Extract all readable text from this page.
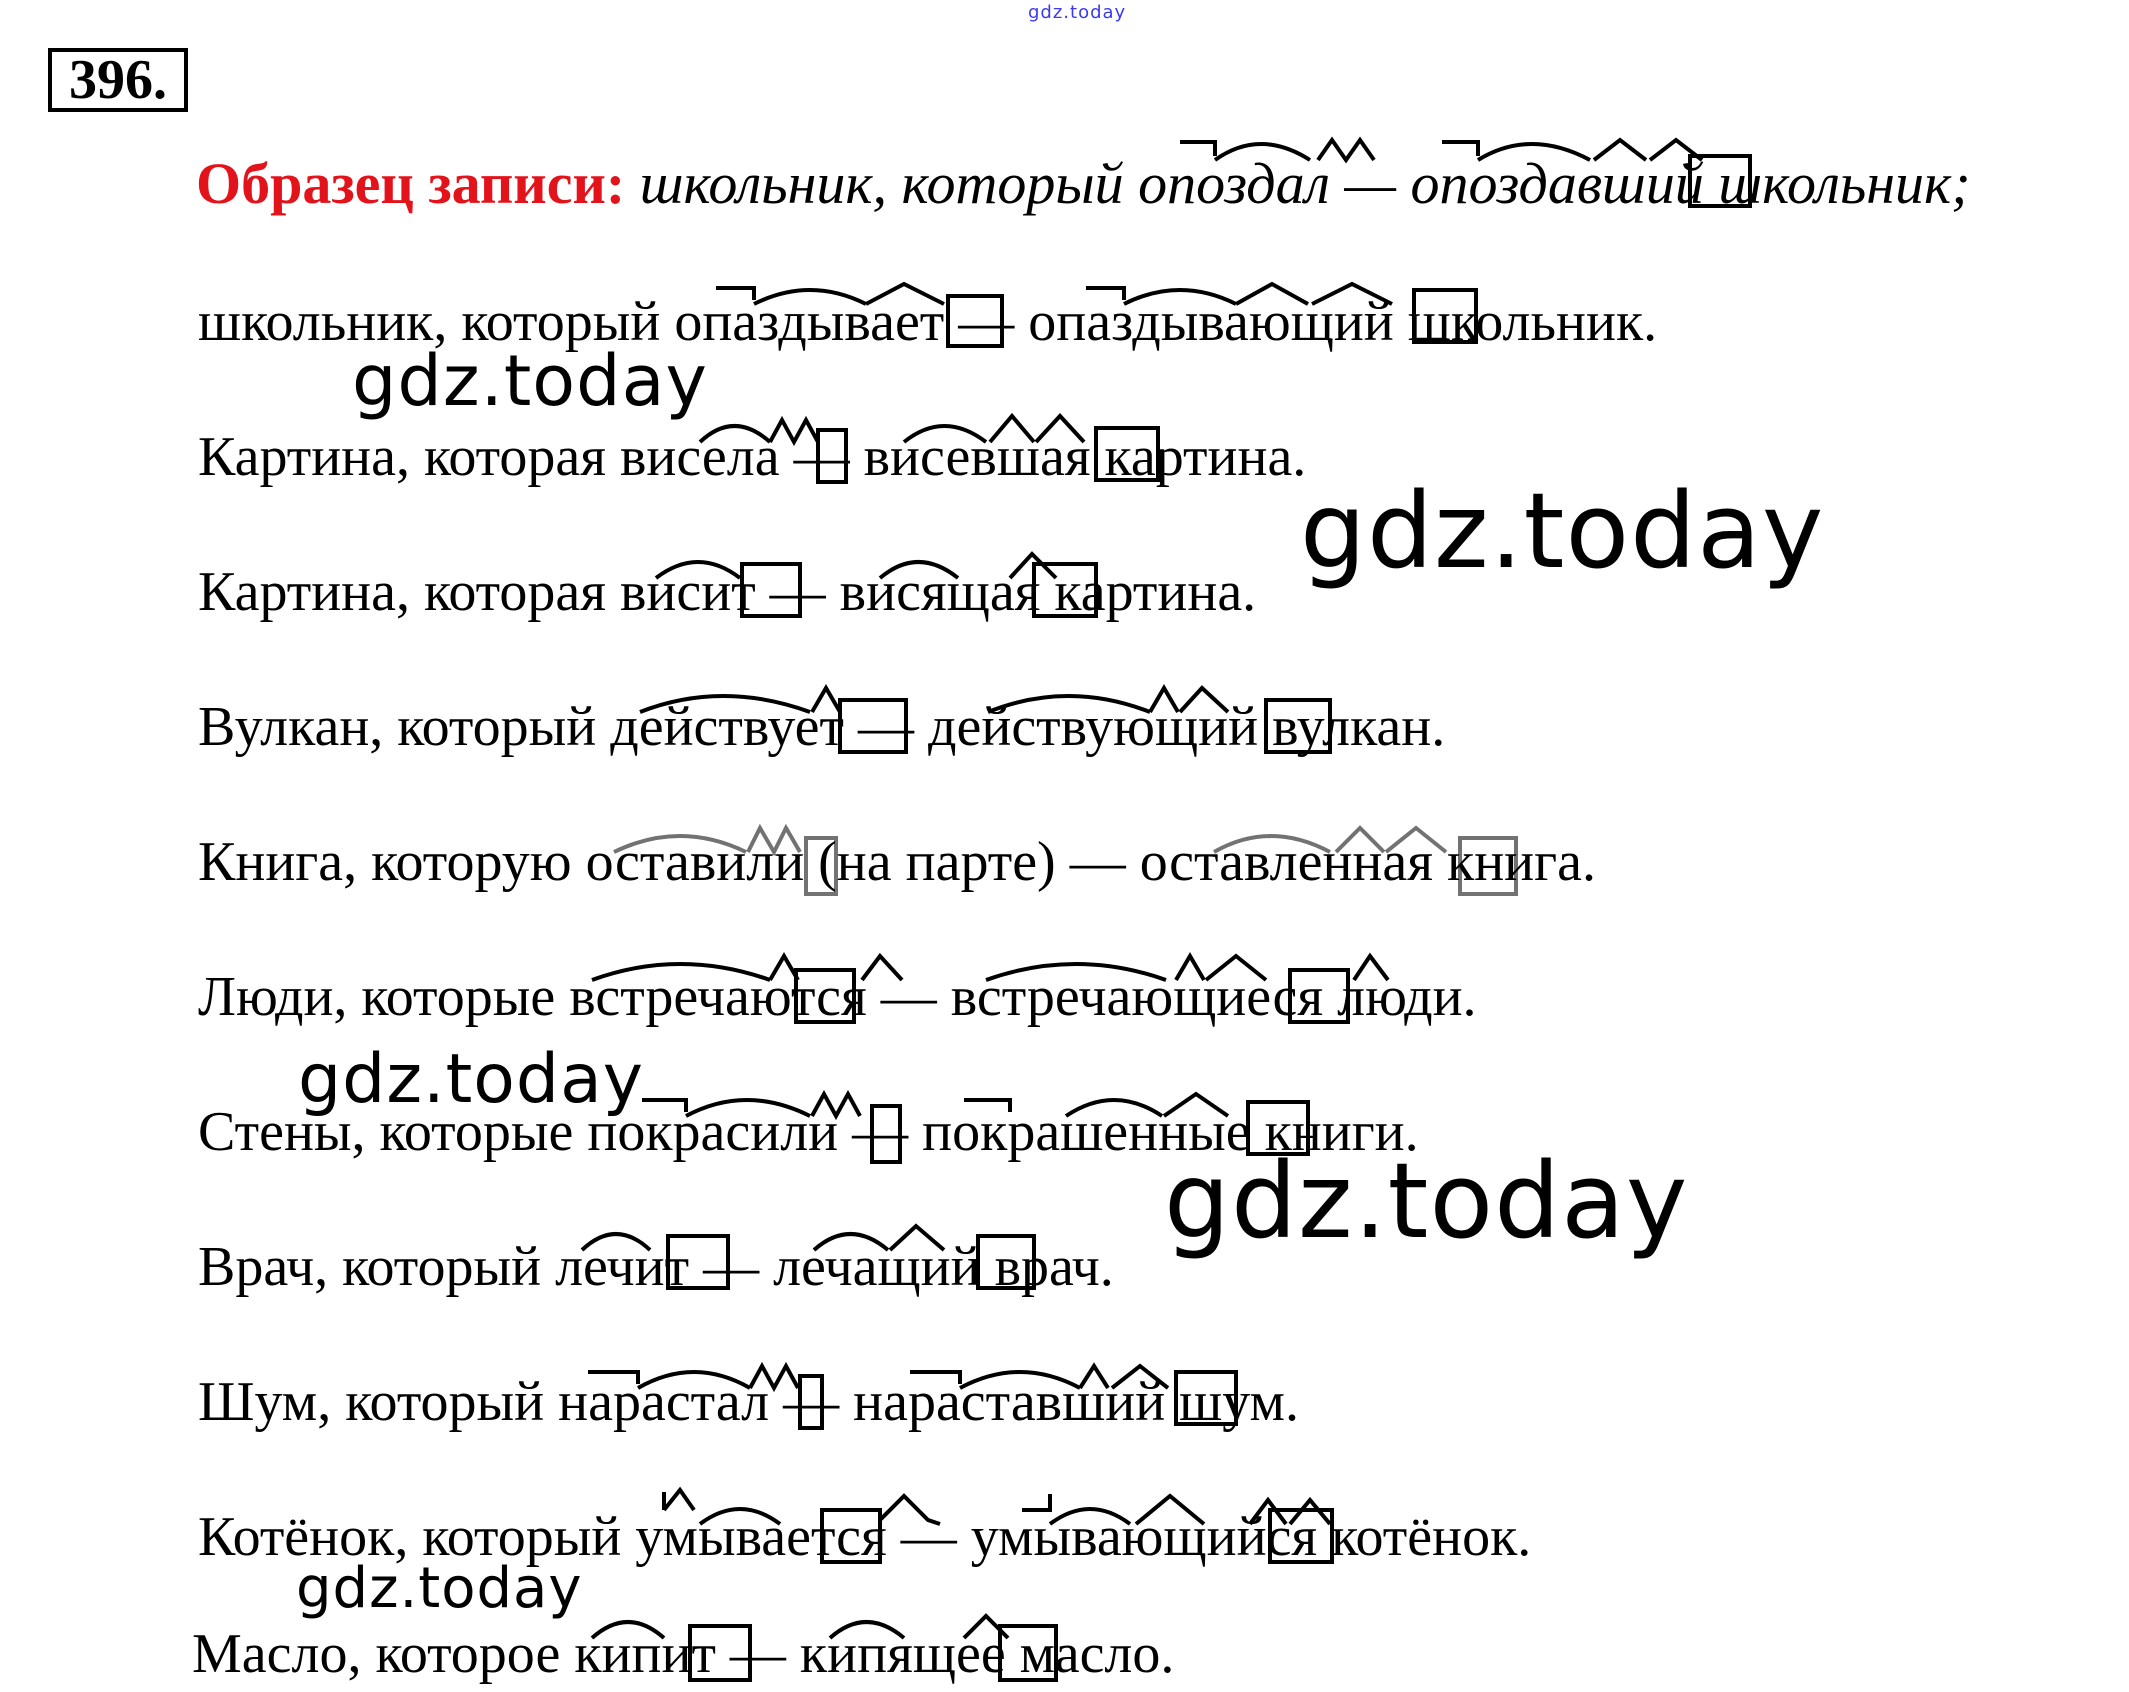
gdz.today
396.
Образец записи: школьник, который опоздал — опоздавший школьник;
школьник, который опаздывает — опаздывающий школьник.
Картина, которая висела — висевшая картина.
Картина, которая висит — висящая картина.
Вулкан, который действует — действующий вулкан.
Книга, которую оставили (на парте) — оставленная книга.
Люди, которые встречаются — встречающиеся люди.
Стены, которые покрасили — покрашенные книги.
Врач, который лечит — лечащий врач.
Шум, который нарастал — нараставший шум.
Котёнок, который умывается — умывающийся котёнок.
Масло, которое кипит — кипящее масло.
gdz.today
gdz.today
gdz.today
gdz.today
gdz.today
